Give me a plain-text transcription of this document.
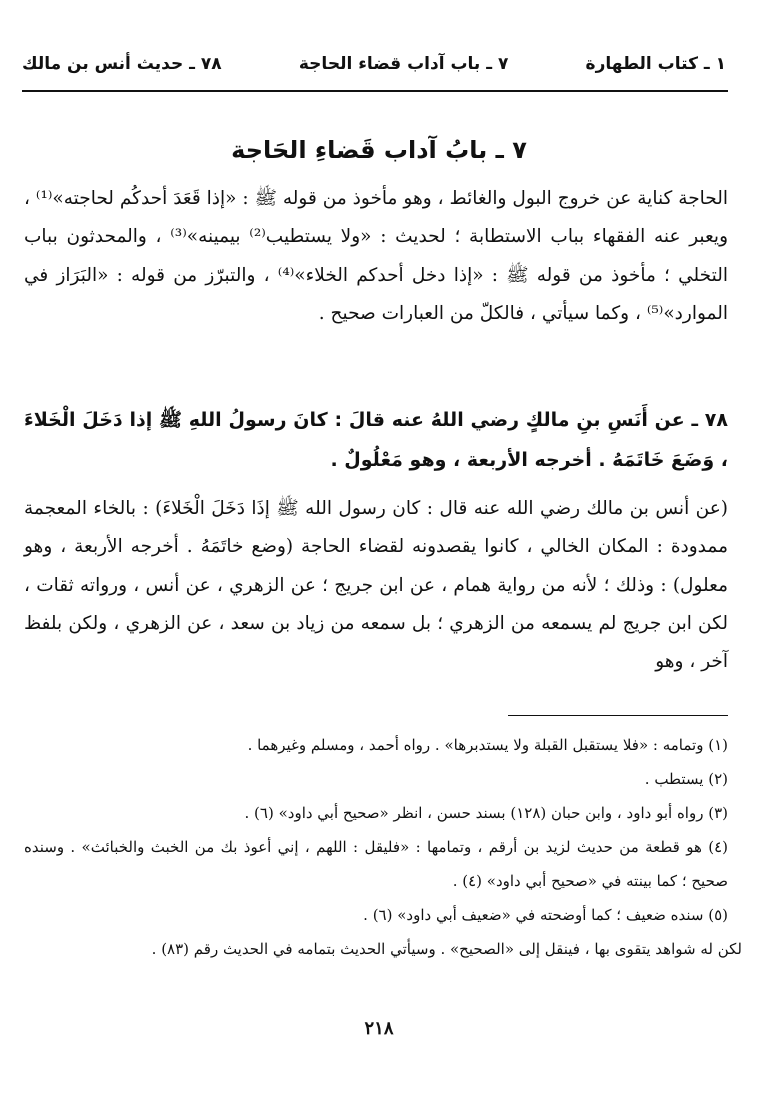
١ ـ كتاب الطهارة
٧ ـ باب آداب قضاء الحاجة
٧٨ ـ حديث أنس بن مالك
٧ ـ بابُ آداب قَضاءِ الحَاجة
الحاجة كناية عن خروج البول والغائط ، وهو مأخوذ من قوله ﷺ : «إذا قَعَدَ أحدكُم لحاجته»⁽¹⁾ ، ويعبر عنه الفقهاء بباب الاستطابة ؛ لحديث : «ولا يستطيب⁽²⁾ بيمينه»⁽³⁾ ، والمحدثون بباب التخلي ؛ مأخوذ من قوله ﷺ : «إذا دخل أحدكم الخلاء»⁽⁴⁾ ، والتبرّز من قوله : «البَرَاز في الموارد»⁽⁵⁾ ، وكما سيأتي ، فالكلّ من العبارات صحيح .
٧٨ ـ عن أَنَسِ بنِ مالكٍ رضي اللهُ عنه قالَ : كانَ رسولُ اللهِ ﷺ إذا دَخَلَ الْخَلاءَ ، وَضَعَ خَاتَمَهُ . أخرجه الأربعة ، وهو مَعْلُولٌ .
(عن أنس بن مالك رضي الله عنه قال : كان رسول الله ﷺ إذَا دَخَلَ الْخَلاءَ) : بالخاء المعجمة ممدودة : المكان الخالي ، كانوا يقصدونه لقضاء الحاجة (وضع خاتَمَهُ . أخرجه الأربعة ، وهو معلول) : وذلك ؛ لأنه من رواية همام ، عن ابن جريج ؛ عن الزهري ، عن أنس ، ورواته ثقات ، لكن ابن جريج لم يسمعه من الزهري ؛ بل سمعه من زياد بن سعد ، عن الزهري ، ولكن بلفظ آخر ، وهو

(١) وتمامه : «فلا يستقبل القبلة ولا يستدبرها» . رواه أحمد ، ومسلم وغيرهما .

(٢) يستطب .

(٣) رواه أبو داود ، وابن حبان (١٢٨) بسند حسن ، انظر «صحيح أبي داود» (٦) .

(٤) هو قطعة من حديث لزيد بن أرقم ، وتمامها : «فليقل : اللهم ، إني أعوذ بك من الخبث والخبائث» . وسنده صحيح ؛ كما بينته في «صحيح أبي داود» (٤) .

(٥) سنده ضعيف ؛ كما أوضحته في «ضعيف أبي داود» (٦) .

لكن له شواهد يتقوى بها ، فينقل إلى «الصحيح» . وسيأتي الحديث بتمامه في الحديث رقم (٨٣) .

٢١٨
